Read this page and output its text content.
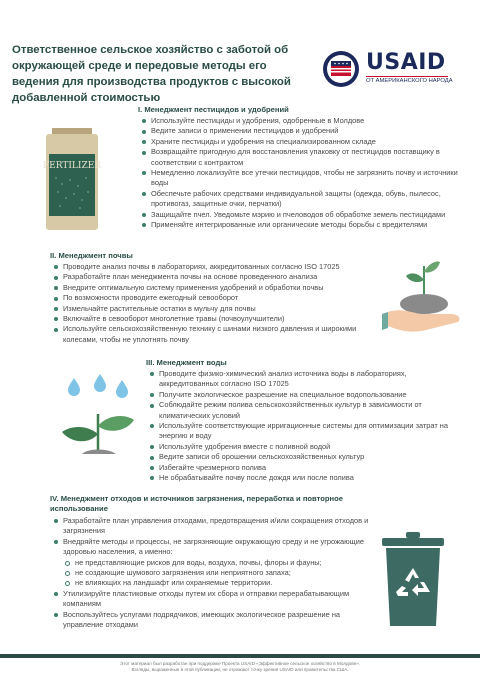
Ответственное сельское хозяйство с заботой об окружающей среде и передовые методы его ведения для производства продуктов с высокой добавленной стоимостью
USAID
ОТ АМЕРИКАНСКОГО НАРОДА
FERTILIZER
I. Менеджмент пестицидов и удобрений
Используйте пестициды и удобрения, одобренные в Молдове
Ведите записи о применении пестицидов и удобрений
Храните пестициды и удобрения на специализированном складе
Возвращайте пригодную для восстановления упаковку от пестицидов поставщику в соответствии с контрактом
Немедленно локализуйте все утечки пестицидов, чтобы не загрязнить почву и источники воды
Обеспечьте рабочих средствами индивидуальной защиты (одежда, обувь, пылесос, противогаз, защитные очки, перчатки)
Защищайте пчел. Уведомьте мэрию и пчеловодов об обработке земель пестицидами
Применяйте интегрированные или органические методы борьбы с вредителями
II. Менеджмент почвы
Проводите анализ почвы в лабораториях, аккредитованных согласно ISO 17025
Разработайте план менеджмента почвы на основе проведенного анализа
Внедрите оптимальную систему применения удобрений и обработки почвы
По возможности проводите ежегодный севооборот
Измельчайте растительные остатки в мульчу для почвы
Включайте в севооборот многолетние травы (почвоулучшители)
Используйте сельскохозяйственную технику с шинами низкого давления и широкими колесами, чтобы не уплотнять почву
III. Менеджмент воды
Проводите физико-химический анализ источника воды в лабораториях, аккредитованных согласно ISO 17025
Получите экологическое разрешение на специальное водопользование
Соблюдайте режим полива сельскохозяйственных культур в зависимости от климатических условий
Используйте соответствующие ирригационные системы для оптимизации затрат на энергию и воду
Используйте удобрения вместе с поливной водой
Ведите записи об орошении сельскохозяйственных культур
Избегайте чрезмерного полива
Не обрабатывайте почву после дождя или после полива
IV. Менеджмент отходов и источников загрязнения, переработка и повторное использование
Разработайте план управления отходами, предотвращения и/или сокращения отходов и загрязнения
Внедряйте методы и процессы, не загрязняющие окружающую среду и не угрожающие здоровью населения, а именно:
не представляющие рисков для воды, воздуха, почвы, флоры и фауны;
не создающие шумового загрязнения или неприятного запаха;
не влияющих на ландшафт или охраняемые территории.
Утилизируйте пластиковые отходы путем их сбора и отправки перерабатывающим компаниям
Воспользуйтесь услугами подрядчиков, имеющих экологическое разрешение на управление отходами
Этот материал был разработан при поддержке Проекта USAID «Эффективное сельское хозяйство в Молдове».
Взгляды, выраженные в этой публикации, не отражают точку зрения USAID или правительства США.
